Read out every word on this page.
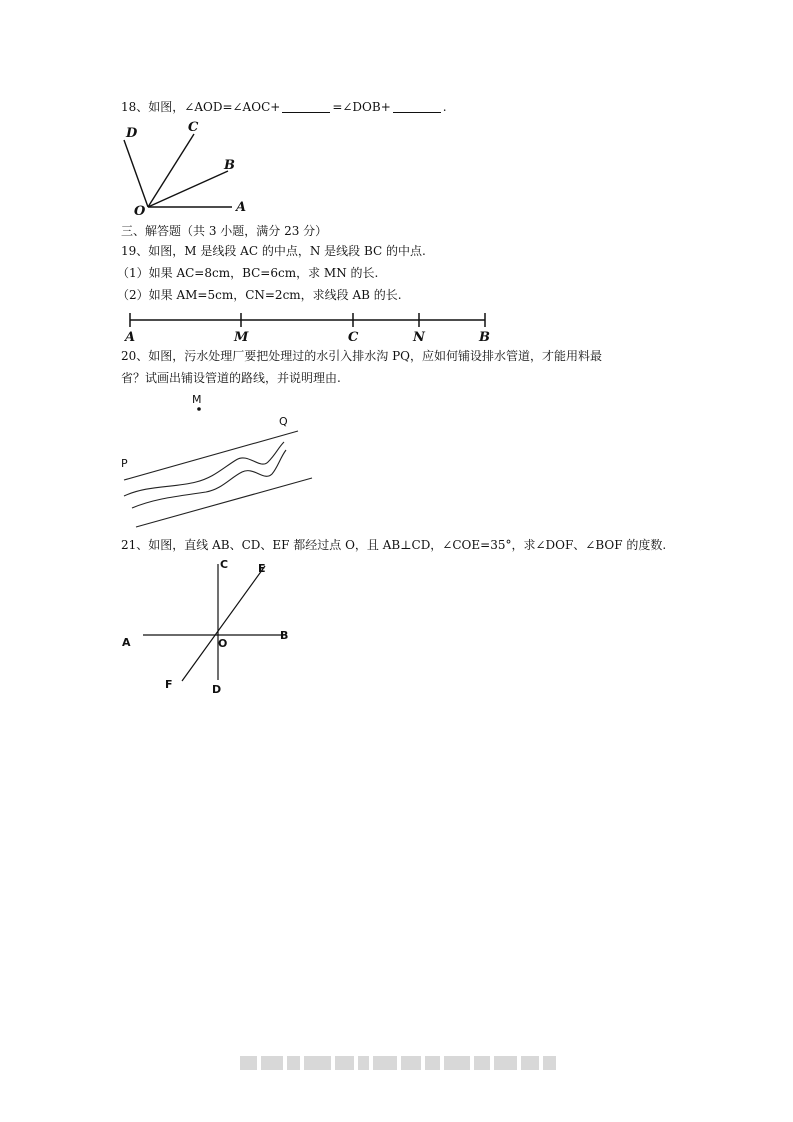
18、如图，∠AOD=∠AOC+	=∠DOB+	.
D	C
B
O	A
三、解答题（共 3 小题，满分 23 分）
19、如图，M 是线段 AC 的中点，N 是线段 BC 的中点.
（1）如果 AC=8cm，BC=6cm，求 MN 的长.
（2）如果 AM=5cm，CN=2cm，求线段 AB 的长.
A	M	C	N	B
20、如图，污水处理厂要把处理过的水引入排水沟 PQ，应如何铺设排水管道，才能用料最
省？试画出铺设管道的路线，并说明理由.
M
Q
P
21、如图，直线 AB、CD、EF 都经过点 O，且 AB⊥CD，∠COE=35°，求∠DOF、∠BOF 的度数.
C	E
A	O
B
F	D
